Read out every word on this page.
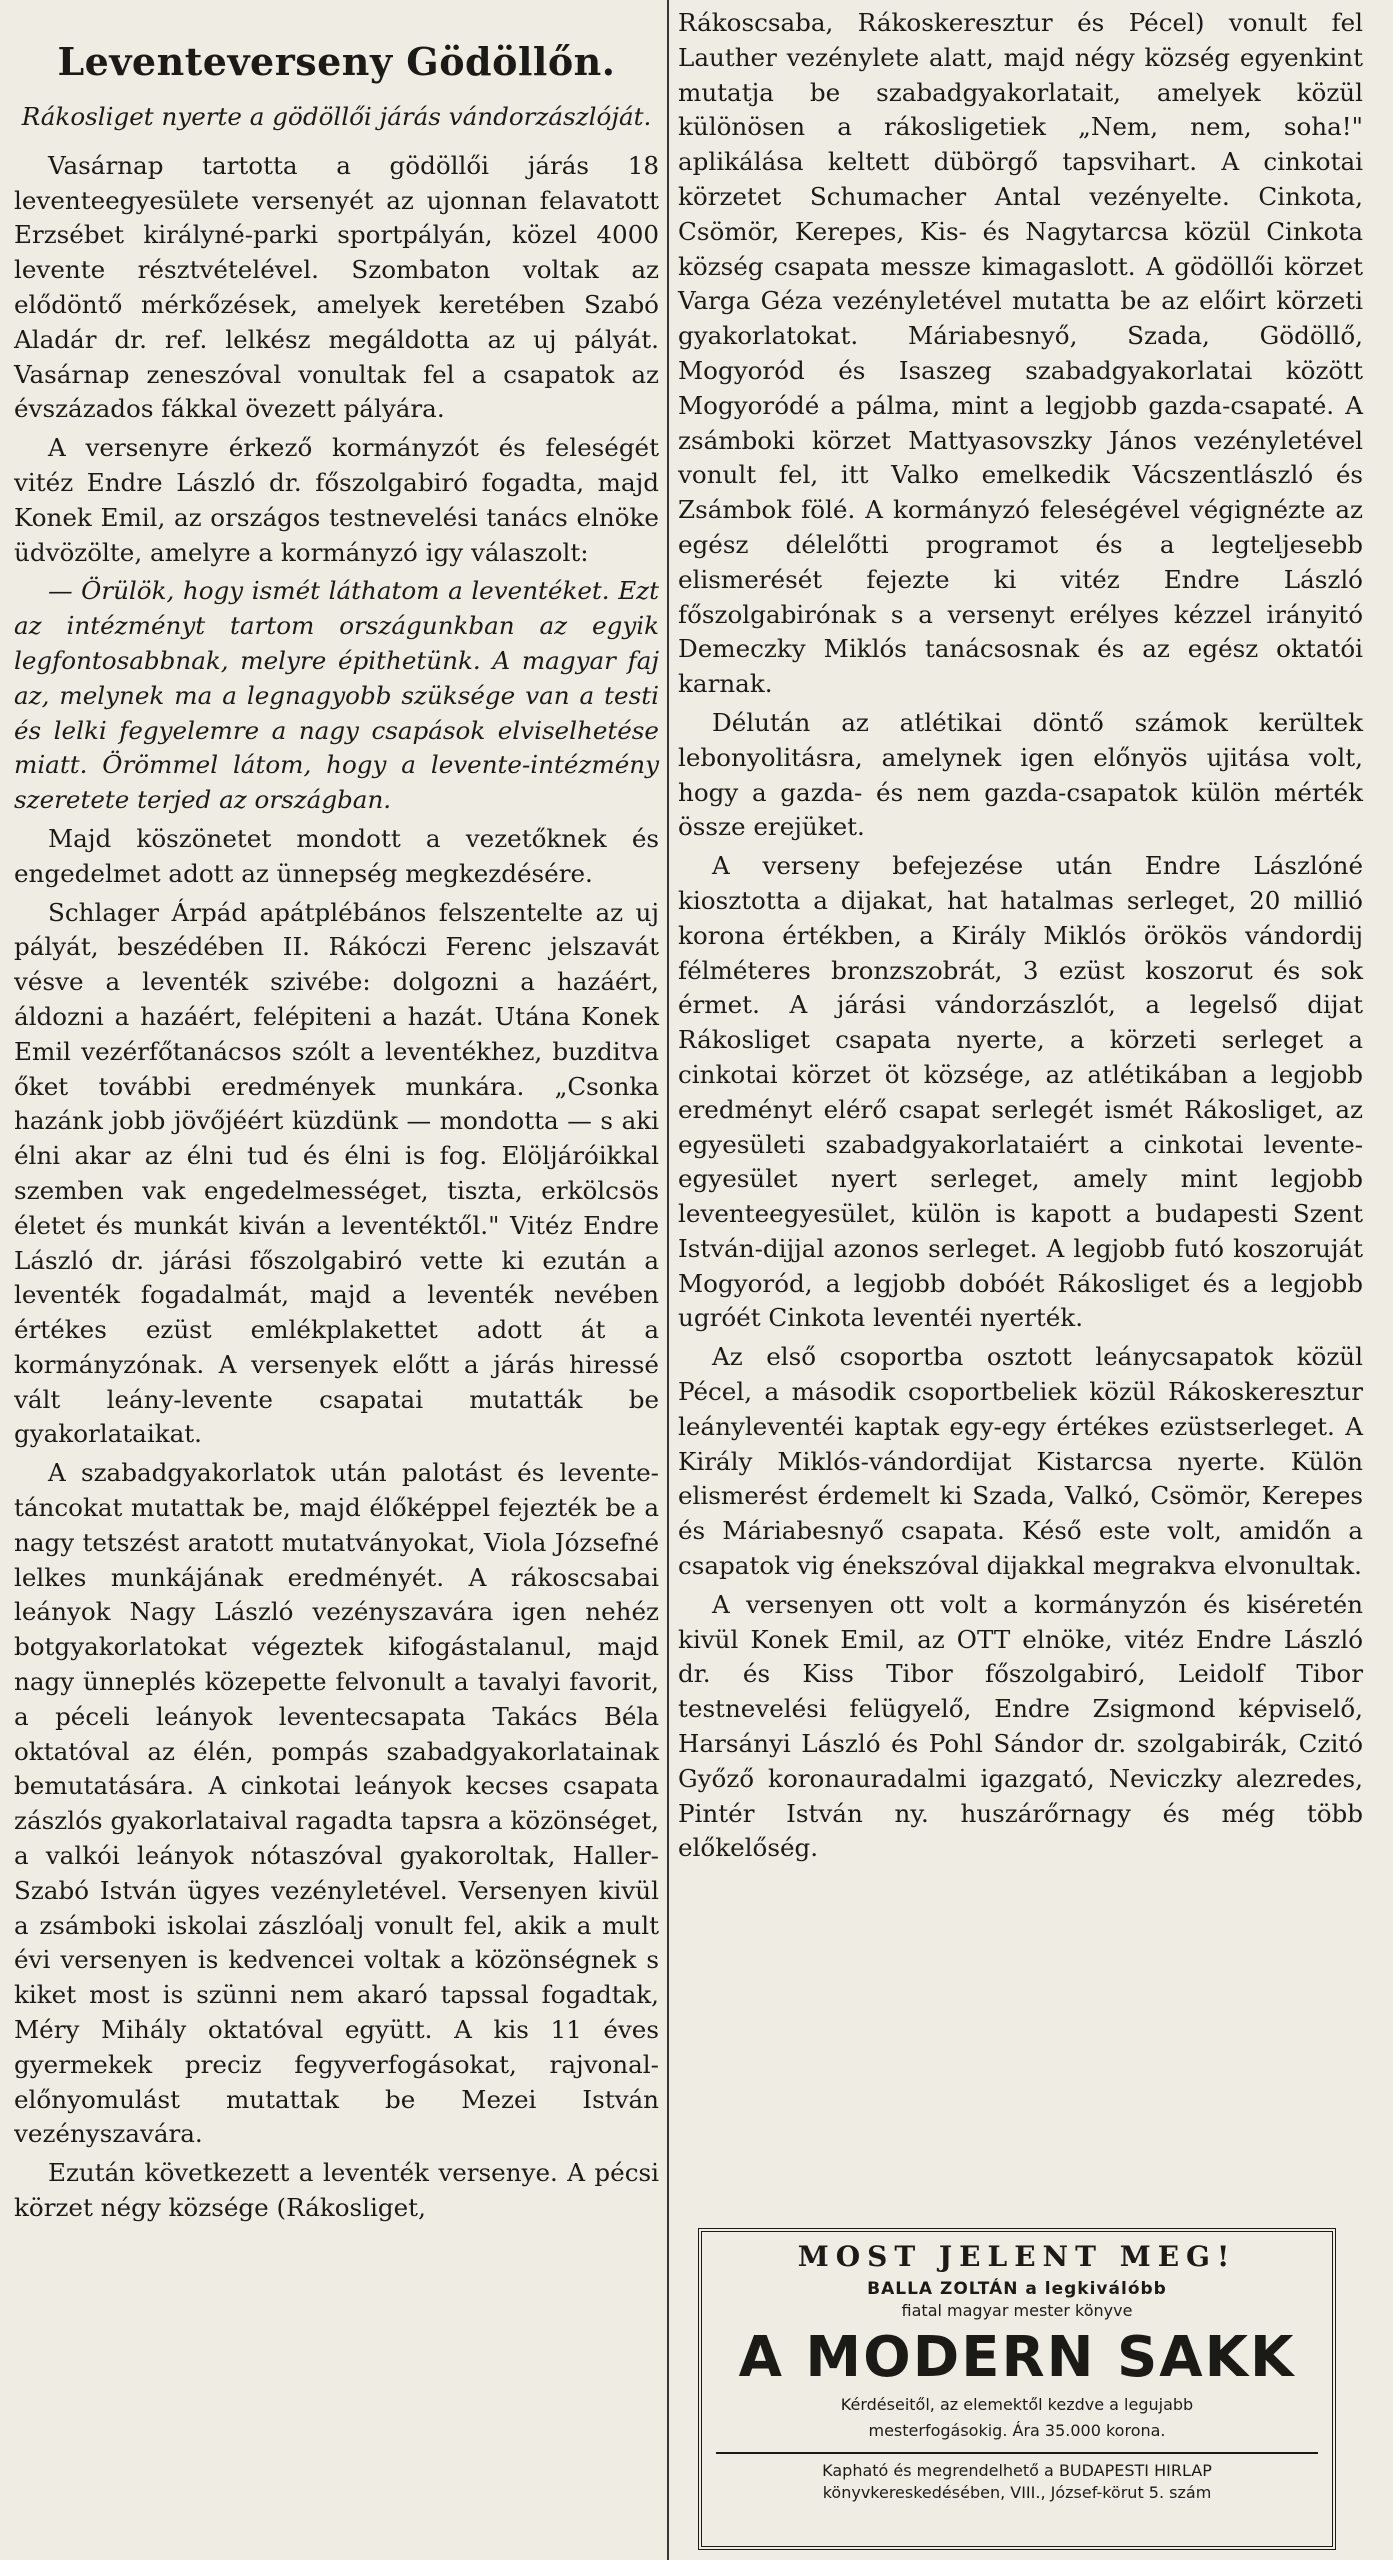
Leventeverseny Gödöllőn.
Rákosliget nyerte a gödöllői járás vándorzászlóját.

Vasárnap tartotta a gödöllői járás 18 leventeegyesülete versenyét az ujonnan felavatott Erzsébet királyné-parki sportpályán, közel 4000 levente résztvételével. Szombaton voltak az elődöntő mérkőzések, amelyek keretében Szabó Aladár dr. ref. lelkész megáldotta az uj pályát. Vasárnap zeneszóval vonultak fel a csapatok az évszázados fákkal övezett pályára.

A versenyre érkező kormányzót és feleségét vitéz Endre László dr. főszolgabiró fogadta, majd Konek Emil, az országos testnevelési tanács elnöke üdvözölte, amelyre a kormányzó igy válaszolt:

— Örülök, hogy ismét láthatom a leventéket. Ezt az intézményt tartom országunkban az egyik legfontosabbnak, melyre épithetünk. A magyar faj az, melynek ma a legnagyobb szüksége van a testi és lelki fegyelemre a nagy csapások elviselhetése miatt. Örömmel látom, hogy a levente-intézmény szeretete terjed az országban.

Majd köszönetet mondott a vezetőknek és engedelmet adott az ünnepség megkezdésére.

Schlager Árpád apátplébános felszentelte az uj pályát, beszédében II. Rákóczi Ferenc jelszavát vésve a leventék szivébe: dolgozni a hazáért, áldozni a hazáért, felépiteni a hazát. Utána Konek Emil vezérfőtanácsos szólt a leventékhez, buzditva őket további eredmények munkára. „Csonka hazánk jobb jövőjéért küzdünk — mondotta — s aki élni akar az élni tud és élni is fog. Elöljáróikkal szemben vak engedelmességet, tiszta, erkölcsös életet és munkát kiván a leventéktől." Vitéz Endre László dr. járási főszolgabiró vette ki ezután a leventék fogadalmát, majd a leventék nevében értékes ezüst emlékplakettet adott át a kormányzónak. A versenyek előtt a járás hiressé vált leány-levente csapatai mutatták be gyakorlataikat.

A szabadgyakorlatok után palotást és levente-táncokat mutattak be, majd élőképpel fejezték be a nagy tetszést aratott mutatványokat, Viola Józsefné lelkes munkájának eredményét. A rákoscsabai leányok Nagy László vezényszavára igen nehéz botgyakorlatokat végeztek kifogástalanul, majd nagy ünneplés közepette felvonult a tavalyi favorit, a péceli leányok leventecsapata Takács Béla oktatóval az élén, pompás szabadgyakorlatainak bemutatására. A cinkotai leányok kecses csapata zászlós gyakorlataival ragadta tapsra a közönséget, a valkói leányok nótaszóval gyakoroltak, Haller-Szabó István ügyes vezényletével. Versenyen kivül a zsámboki iskolai zászlóalj vonult fel, akik a mult évi versenyen is kedvencei voltak a közönségnek s kiket most is szünni nem akaró tapssal fogadtak, Méry Mihály oktatóval együtt. A kis 11 éves gyermekek preciz fegyverfogásokat, rajvonal-előnyomulást mutattak be Mezei István vezényszavára.

Ezután következett a leventék versenye. A pécsi körzet négy községe (Rákosliget,

Rákoscsaba, Rákoskeresztur és Pécel) vonult fel Lauther vezénylete alatt, majd négy község egyenkint mutatja be szabadgyakorlatait, amelyek közül különösen a rákosligetiek „Nem, nem, soha!" aplikálása keltett dübörgő tapsvihart. A cinkotai körzetet Schumacher Antal vezényelte. Cinkota, Csömör, Kerepes, Kis- és Nagytarcsa közül Cinkota község csapata messze kimagaslott. A gödöllői körzet Varga Géza vezényletével mutatta be az előirt körzeti gyakorlatokat. Máriabesnyő, Szada, Gödöllő, Mogyoród és Isaszeg szabadgyakorlatai között Mogyoródé a pálma, mint a legjobb gazda-csapaté. A zsámboki körzet Mattyasovszky János vezényletével vonult fel, itt Valko emelkedik Vácszentlászló és Zsámbok fölé. A kormányzó feleségével végignézte az egész délelőtti programot és a legteljesebb elismerését fejezte ki vitéz Endre László főszolgabirónak s a versenyt erélyes kézzel irányitó Demeczky Miklós tanácsosnak és az egész oktatói karnak.

Délután az atlétikai döntő számok kerültek lebonyolitásra, amelynek igen előnyös ujitása volt, hogy a gazda- és nem gazda-csapatok külön mérték össze erejüket.

A verseny befejezése után Endre Lászlóné kiosztotta a dijakat, hat hatalmas serleget, 20 millió korona értékben, a Király Miklós örökös vándordij félméteres bronzszobrát, 3 ezüst koszorut és sok érmet. A járási vándorzászlót, a legelső dijat Rákosliget csapata nyerte, a körzeti serleget a cinkotai körzet öt községe, az atlétikában a legjobb eredményt elérő csapat serlegét ismét Rákosliget, az egyesületi szabadgyakorlataiért a cinkotai levente-egyesület nyert serleget, amely mint legjobb leventeegyesület, külön is kapott a budapesti Szent István-dijjal azonos serleget. A legjobb futó koszoruját Mogyoród, a legjobb dobóét Rákosliget és a legjobb ugróét Cinkota leventéi nyerték.

Az első csoportba osztott leánycsapatok közül Pécel, a második csoportbeliek közül Rákoskeresztur leányleventéi kaptak egy-egy értékes ezüstserleget. A Király Miklós-vándordijat Kistarcsa nyerte. Külön elismerést érdemelt ki Szada, Valkó, Csömör, Kerepes és Máriabesnyő csapata. Késő este volt, amidőn a csapatok vig énekszóval dijakkal megrakva elvonultak.

A versenyen ott volt a kormányzón és kiséretén kivül Konek Emil, az OTT elnöke, vitéz Endre László dr. és Kiss Tibor főszolgabiró, Leidolf Tibor testnevelési felügyelő, Endre Zsigmond képviselő, Harsányi László és Pohl Sándor dr. szolgabirák, Czitó Győző koronauradalmi igazgató, Neviczky alezredes, Pintér István ny. huszárőrnagy és még több előkelőség.

MOST JELENT MEG!
BALLA ZOLTÁN a legkiválóbb
fiatal magyar mester könyve
A MODERN SAKK
Kérdéseitől, az elemektől kezdve a legujabb
mesterfogásokig. Ára 35.000 korona.
Kapható és megrendelhető a BUDAPESTI HIRLAP
könyvkereskedésében, VIII., József-körut 5. szám
